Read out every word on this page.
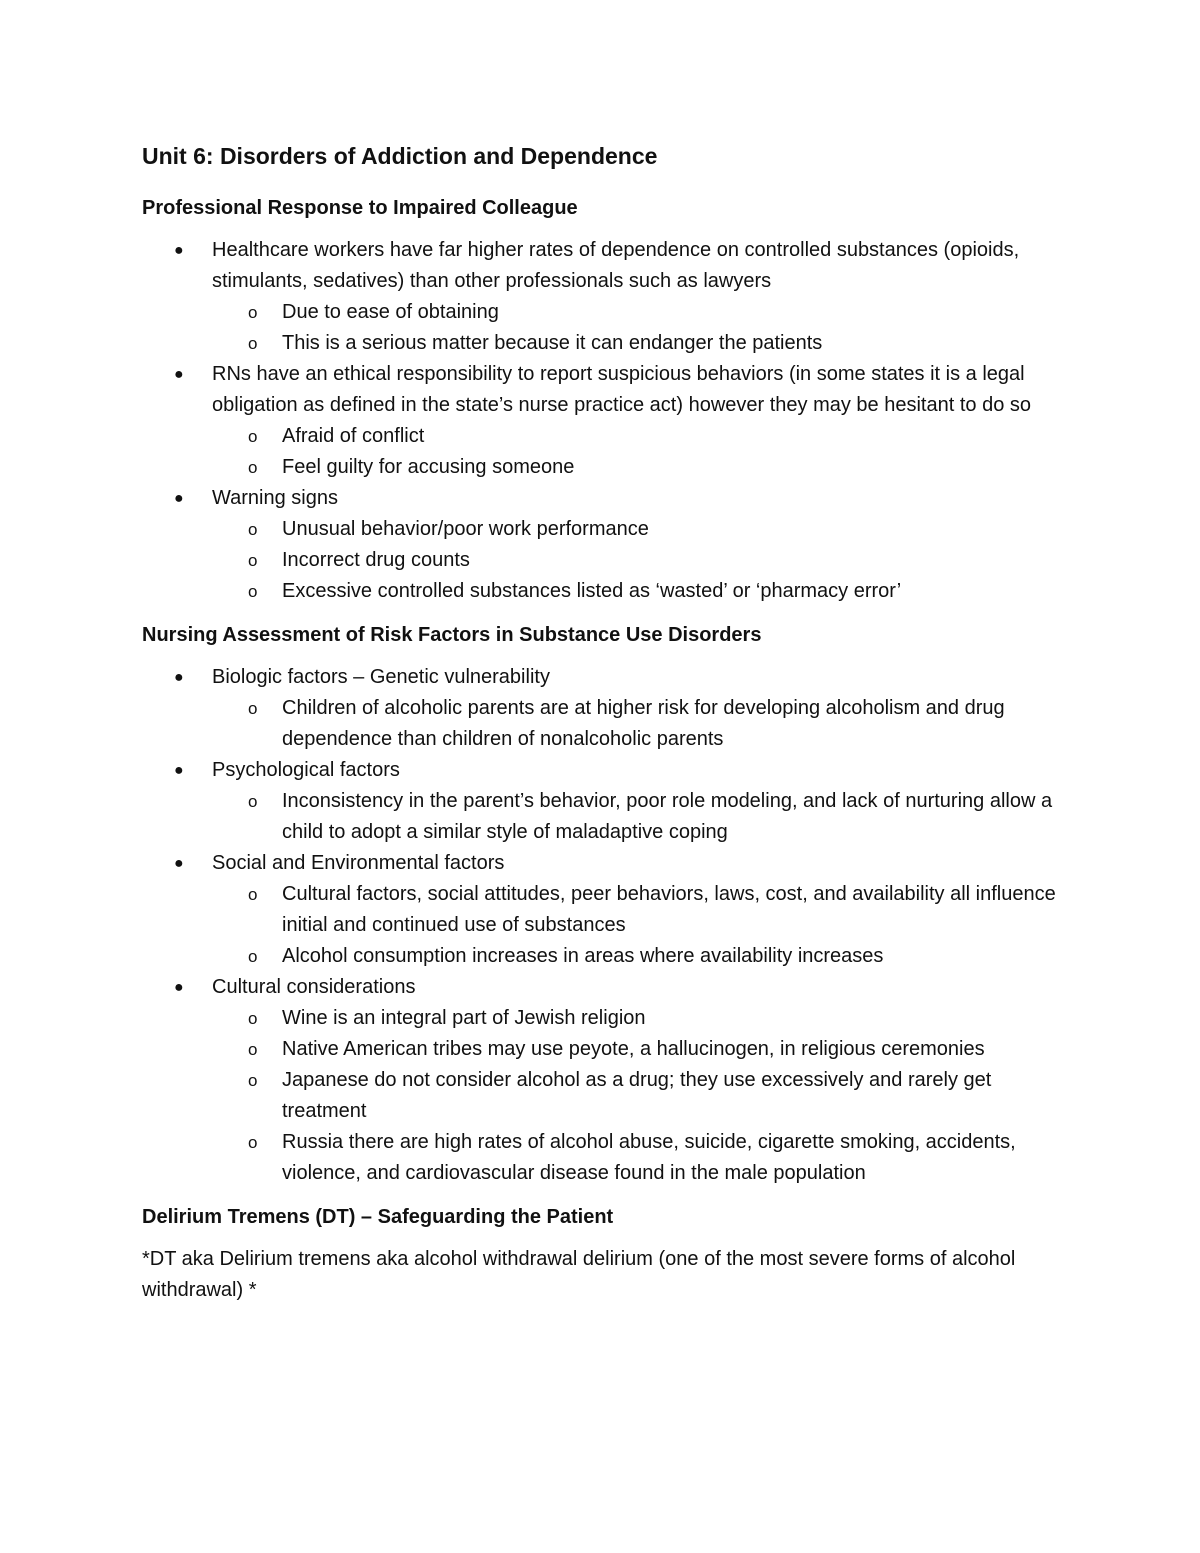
Unit 6: Disorders of Addiction and Dependence
Professional Response to Impaired Colleague
● Healthcare workers have far higher rates of dependence on controlled substances (opioids, stimulants, sedatives) than other professionals such as lawyers
o Due to ease of obtaining
o This is a serious matter because it can endanger the patients
● RNs have an ethical responsibility to report suspicious behaviors (in some states it is a legal obligation as defined in the state’s nurse practice act) however they may be hesitant to do so
o Afraid of conflict
o Feel guilty for accusing someone
● Warning signs
o Unusual behavior/poor work performance
o Incorrect drug counts
o Excessive controlled substances listed as ‘wasted’ or ‘pharmacy error’
Nursing Assessment of Risk Factors in Substance Use Disorders
● Biologic factors – Genetic vulnerability
o Children of alcoholic parents are at higher risk for developing alcoholism and drug dependence than children of nonalcoholic parents
● Psychological factors
o Inconsistency in the parent’s behavior, poor role modeling, and lack of nurturing allow a child to adopt a similar style of maladaptive coping
● Social and Environmental factors
o Cultural factors, social attitudes, peer behaviors, laws, cost, and availability all influence initial and continued use of substances
o Alcohol consumption increases in areas where availability increases
● Cultural considerations
o Wine is an integral part of Jewish religion
o Native American tribes may use peyote, a hallucinogen, in religious ceremonies
o Japanese do not consider alcohol as a drug; they use excessively and rarely get treatment
o Russia there are high rates of alcohol abuse, suicide, cigarette smoking, accidents, violence, and cardiovascular disease found in the male population
Delirium Tremens (DT) – Safeguarding the Patient

*DT aka Delirium tremens aka alcohol withdrawal delirium (one of the most severe forms of alcohol withdrawal) *
